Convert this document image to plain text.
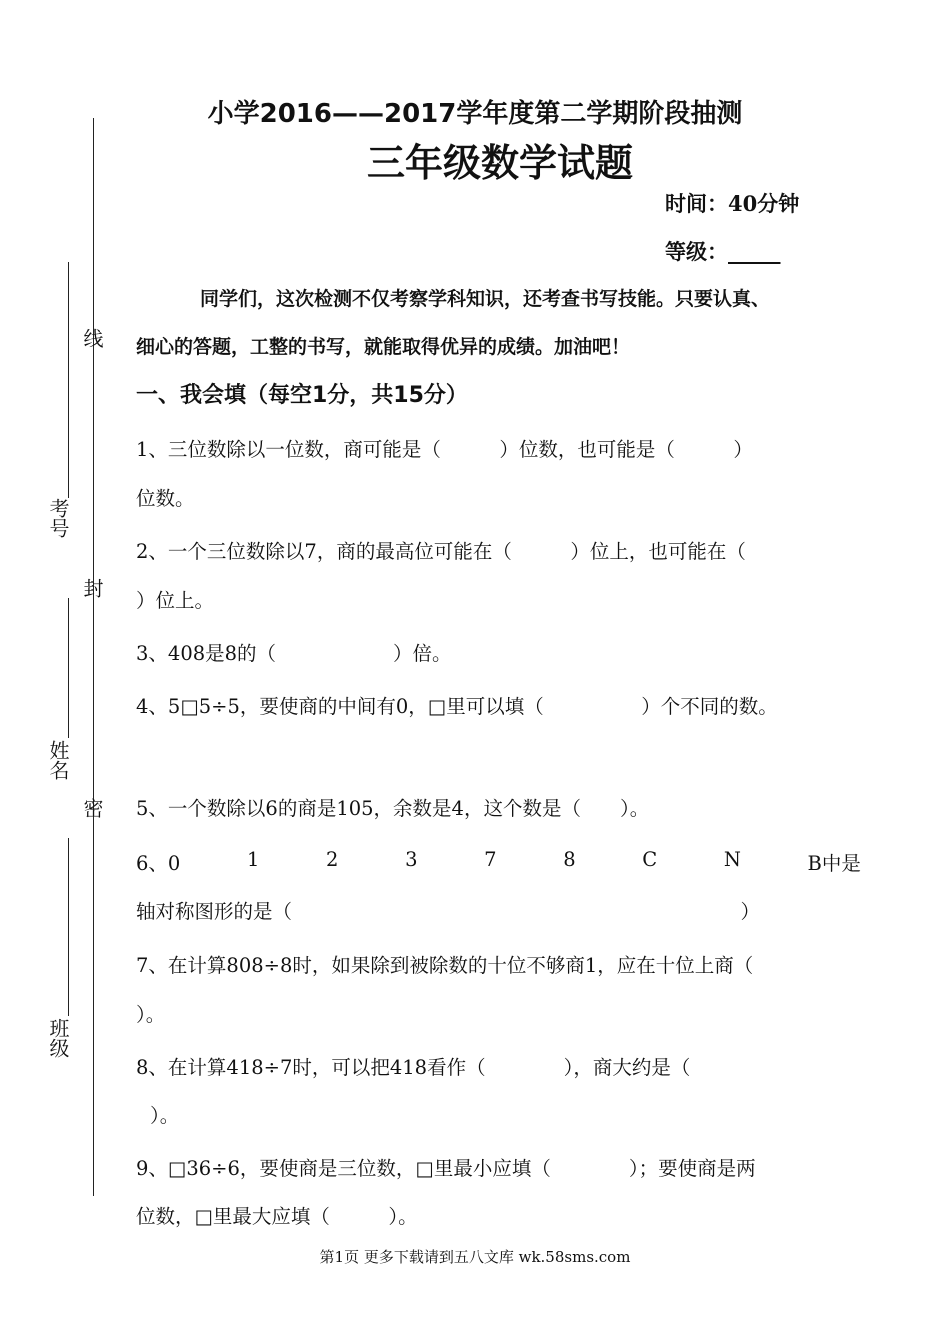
考号
姓名
班级
线
封
密
小学2016——2017学年度第二学期阶段抽测
三年级数学试题
时间：40分钟
等级：_____
同学们，这次检测不仅考察学科知识，还考查书写技能。只要认真、
细心的答题，工整的书写，就能取得优异的成绩。加油吧！
一、我会填（每空1分，共15分）
1、三位数除以一位数，商可能是（　　　）位数，也可能是（　　　）
位数。
2、一个三位数除以7，商的最高位可能在（　　　）位上，也可能在（
）位上。
3、408是8的（　　　　　　）倍。
4、5□5÷5，要使商的中间有0，□里可以填（　　　　　）个不同的数。
5、一个数除以6的商是105，余数是4，这个数是（　　）。
6、0	1	2	3	7	8	C	N	B中是
轴对称图形的是（　　　　　　　　　　　　　　　　　　　　　　　）
7、在计算808÷8时，如果除到被除数的十位不够商1，应在十位上商（
）。
8、在计算418÷7时，可以把418看作（　　　　），商大约是（
）。
9、□36÷6，要使商是三位数，□里最小应填（　　　　）；要使商是两
位数，□里最大应填（　　　）。
第1页 更多下载请到五八文库 wk.58sms.com
